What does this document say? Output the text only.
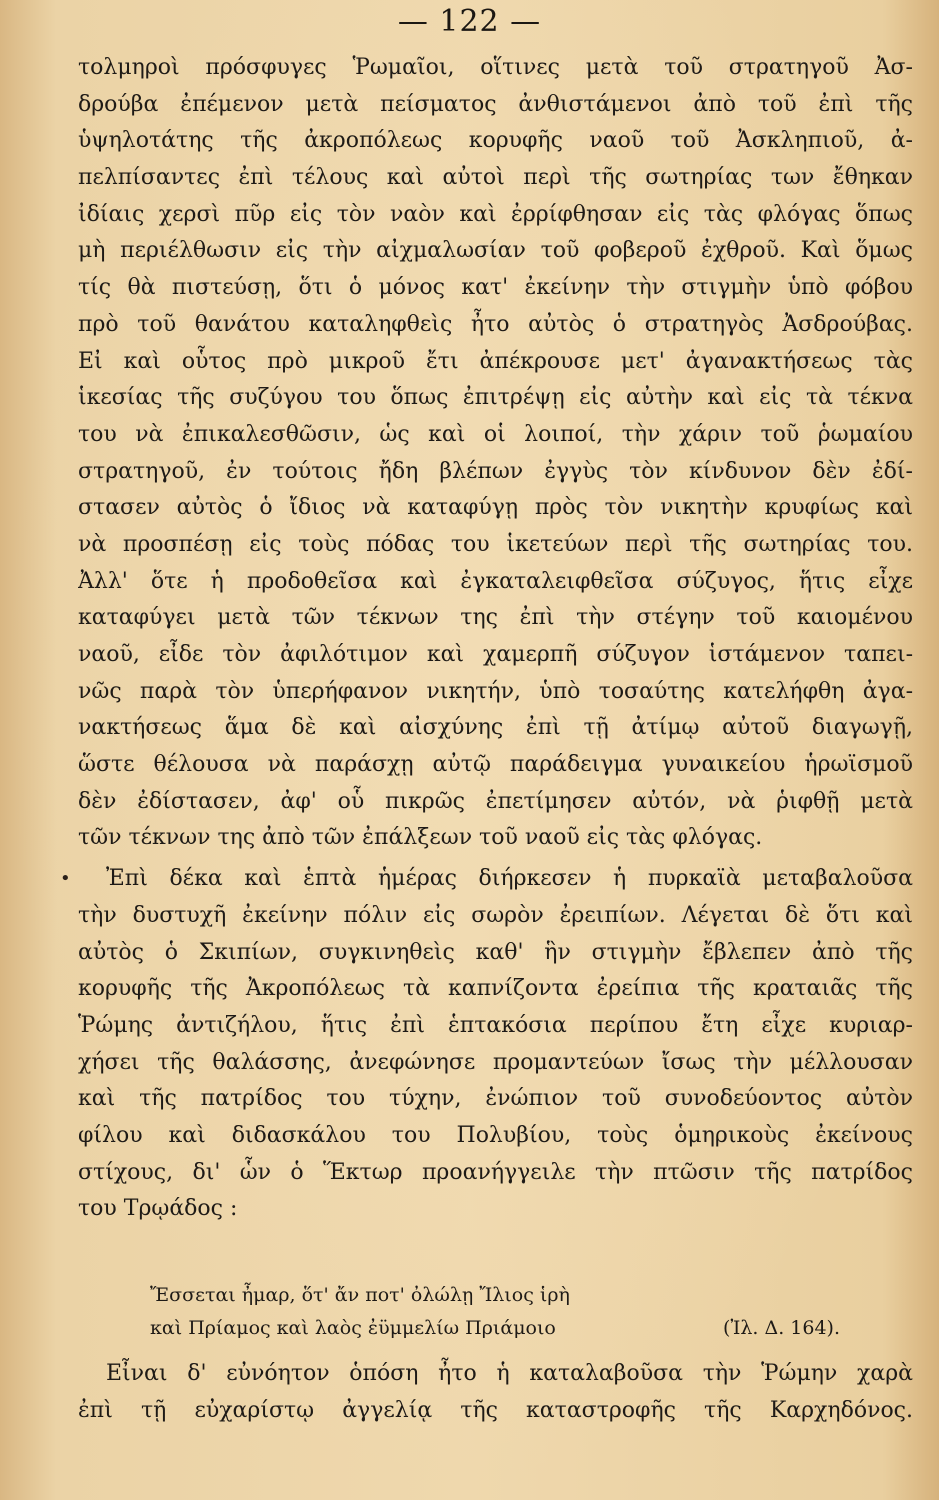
— 122 —
•
τολμηροὶ πρόσφυγες Ῥωμαῖοι, οἵτινες μετὰ τοῦ στρατηγοῦ Ἀσ-
δρούβα ἐπέμενον μετὰ πείσματος ἀνθιστάμενοι ἀπὸ τοῦ ἐπὶ τῆς
ὑψηλοτάτης τῆς ἀκροπόλεως κορυφῆς ναοῦ τοῦ Ἀσκληπιοῦ, ἀ-
πελπίσαντες ἐπὶ τέλους καὶ αὐτοὶ περὶ τῆς σωτηρίας των ἔθηκαν
ἰδίαις χερσὶ πῦρ εἰς τὸν ναὸν καὶ ἐρρίφθησαν εἰς τὰς φλόγας ὅπως
μὴ περιέλθωσιν εἰς τὴν αἰχμαλωσίαν τοῦ φοβεροῦ ἐχθροῦ. Καὶ ὅμως
τίς θὰ πιστεύσῃ, ὅτι ὁ μόνος κατ' ἐκείνην τὴν στιγμὴν ὑπὸ φόβου
πρὸ τοῦ θανάτου καταληφθεὶς ἦτο αὐτὸς ὁ στρατηγὸς Ἀσδρούβας.
Εἰ καὶ οὗτος πρὸ μικροῦ ἔτι ἀπέκρουσε μετ' ἀγανακτήσεως τὰς
ἱκεσίας τῆς συζύγου του ὅπως ἐπιτρέψῃ εἰς αὐτὴν καὶ εἰς τὰ τέκνα
του νὰ ἐπικαλεσθῶσιν, ὡς καὶ οἱ λοιποί, τὴν χάριν τοῦ ῥωμαίου
στρατηγοῦ, ἐν τούτοις ἤδη βλέπων ἐγγὺς τὸν κίνδυνον δὲν ἐδί-
στασεν αὐτὸς ὁ ἴδιος νὰ καταφύγῃ πρὸς τὸν νικητὴν κρυφίως καὶ
νὰ προσπέσῃ εἰς τοὺς πόδας του ἱκετεύων περὶ τῆς σωτηρίας του.
Ἀλλ' ὅτε ἡ προδοθεῖσα καὶ ἐγκαταλειφθεῖσα σύζυγος, ἥτις εἶχε
καταφύγει μετὰ τῶν τέκνων της ἐπὶ τὴν στέγην τοῦ καιομένου
ναοῦ, εἶδε τὸν ἀφιλότιμον καὶ χαμερπῆ σύζυγον ἱστάμενον ταπει-
νῶς παρὰ τὸν ὑπερήφανον νικητήν, ὑπὸ τοσαύτης κατελήφθη ἀγα-
νακτήσεως ἅμα δὲ καὶ αἰσχύνης ἐπὶ τῇ ἀτίμῳ αὐτοῦ διαγωγῇ,
ὥστε θέλουσα νὰ παράσχῃ αὐτῷ παράδειγμα γυναικείου ἡρωϊσμοῦ
δὲν ἐδίστασεν, ἀφ' οὗ πικρῶς ἐπετίμησεν αὐτόν, νὰ ῥιφθῇ μετὰ
τῶν τέκνων της ἀπὸ τῶν ἐπάλξεων τοῦ ναοῦ εἰς τὰς φλόγας.
Ἐπὶ δέκα καὶ ἑπτὰ ἡμέρας διήρκεσεν ἡ πυρκαϊὰ μεταβαλοῦσα
τὴν δυστυχῆ ἐκείνην πόλιν εἰς σωρὸν ἐρειπίων. Λέγεται δὲ ὅτι καὶ
αὐτὸς ὁ Σκιπίων, συγκινηθεὶς καθ' ἣν στιγμὴν ἔβλεπεν ἀπὸ τῆς
κορυφῆς τῆς Ἀκροπόλεως τὰ καπνίζοντα ἐρείπια τῆς κραταιᾶς τῆς
Ῥώμης ἀντιζήλου, ἥτις ἐπὶ ἑπτακόσια περίπου ἔτη εἶχε κυριαρ-
χήσει τῆς θαλάσσης, ἀνεφώνησε προμαντεύων ἴσως τὴν μέλλουσαν
καὶ τῆς πατρίδος του τύχην, ἐνώπιον τοῦ συνοδεύοντος αὐτὸν
φίλου καὶ διδασκάλου του Πολυβίου, τοὺς ὁμηρικοὺς ἐκείνους
στίχους, δι' ὧν ὁ Ἕκτωρ προανήγγειλε τὴν πτῶσιν τῆς πατρίδος
του Τρῳάδος :
Ἔσσεται ἦμαρ, ὅτ' ἄν ποτ' ὀλώλῃ Ἴλιος ἱρὴ
καὶ Πρίαμος καὶ λαὸς ἐϋμμελίω Πριάμοιο	(Ἰλ. Δ. 164).
Εἶναι δ' εὐνόητον ὁπόση ἦτο ἡ καταλαβοῦσα τὴν Ῥώμην χαρὰ
ἐπὶ τῇ εὐχαρίστῳ ἀγγελίᾳ τῆς καταστροφῆς τῆς Καρχηδόνος.
